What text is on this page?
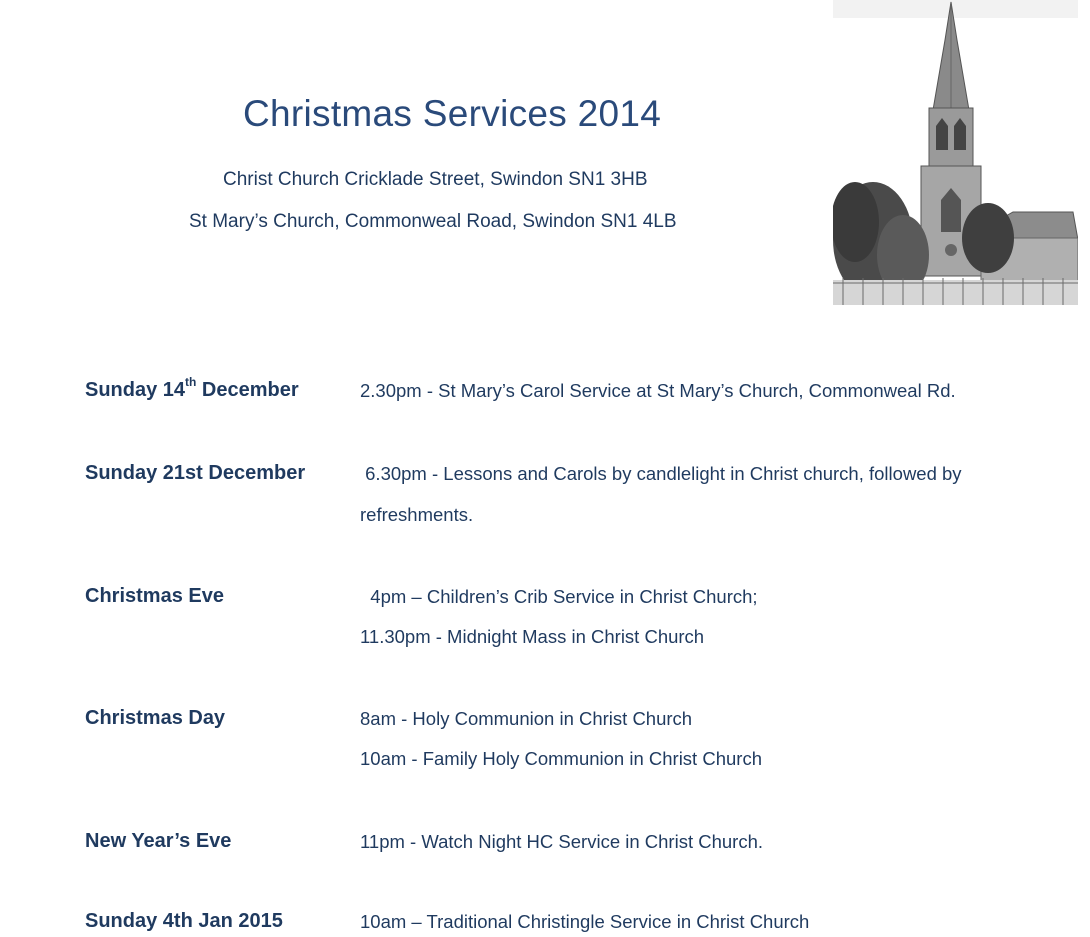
Christmas Services 2014
Christ Church Cricklade Street, Swindon SN1 3HB
St Mary’s Church, Commonweal Road, Swindon SN1 4LB
Sunday 14th December	2.30pm - St Mary’s Carol Service at St Mary’s Church, Commonweal Rd.
Sunday 21st December	6.30pm - Lessons and Carols by candlelight in Christ church, followed by
refreshments.
Christmas Eve	4pm – Children’s Crib Service in Christ Church;
11.30pm - Midnight Mass in Christ Church
Christmas Day	8am - Holy Communion in Christ Church
10am - Family Holy Communion in Christ Church
New Year’s Eve	11pm - Watch Night HC Service in Christ Church.
Sunday 4th Jan 2015	10am – Traditional Christingle Service in Christ Church
